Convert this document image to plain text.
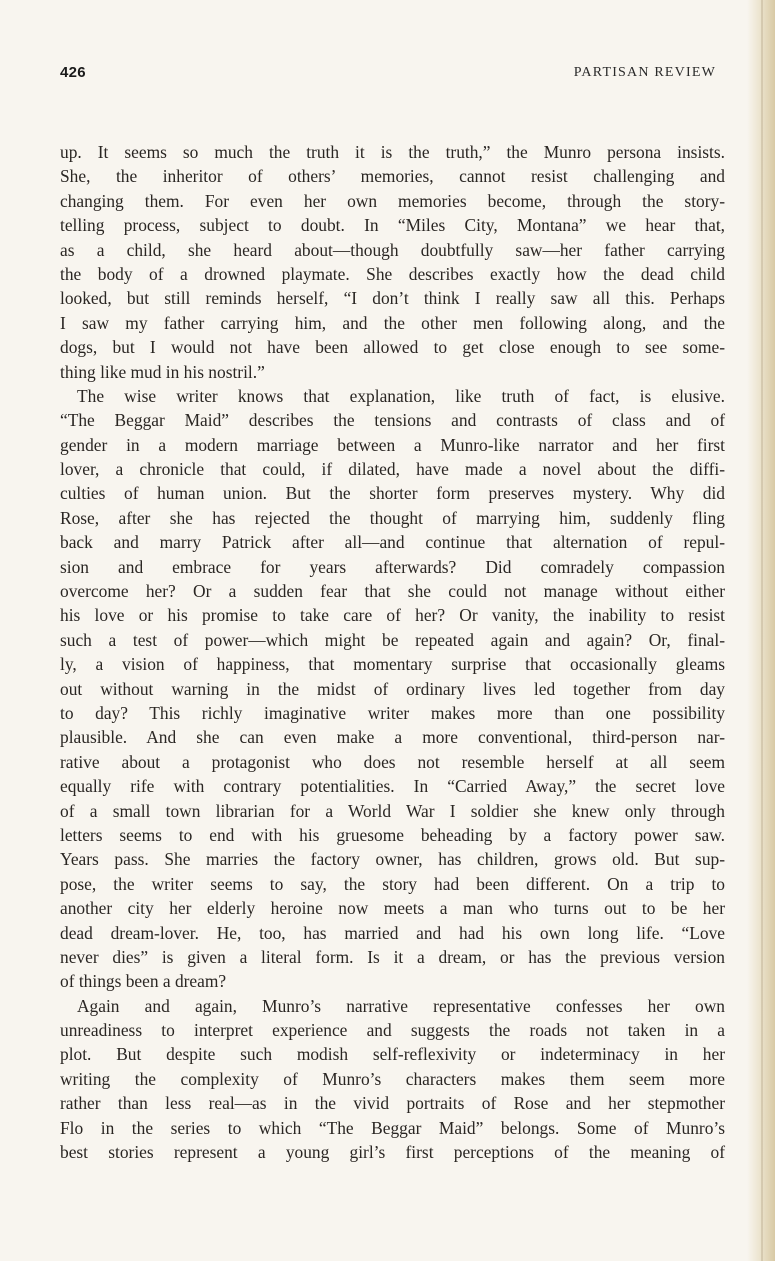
426	PARTISAN REVIEW
up. It seems so much the truth it is the truth,” the Munro persona insists.
She, the inheritor of others’ memories, cannot resist challenging and
changing them. For even her own memories become, through the story-
telling process, subject to doubt. In “Miles City, Montana” we hear that,
as a child, she heard about—though doubtfully saw—her father carrying
the body of a drowned playmate. She describes exactly how the dead child
looked, but still reminds herself, “I don’t think I really saw all this. Perhaps
I saw my father carrying him, and the other men following along, and the
dogs, but I would not have been allowed to get close enough to see some-
thing like mud in his nostril.”
The wise writer knows that explanation, like truth of fact, is elusive.
“The Beggar Maid” describes the tensions and contrasts of class and of
gender in a modern marriage between a Munro-like narrator and her first
lover, a chronicle that could, if dilated, have made a novel about the diffi-
culties of human union. But the shorter form preserves mystery. Why did
Rose, after she has rejected the thought of marrying him, suddenly fling
back and marry Patrick after all—and continue that alternation of repul-
sion and embrace for years afterwards? Did comradely compassion
overcome her? Or a sudden fear that she could not manage without either
his love or his promise to take care of her? Or vanity, the inability to resist
such a test of power—which might be repeated again and again? Or, final-
ly, a vision of happiness, that momentary surprise that occasionally gleams
out without warning in the midst of ordinary lives led together from day
to day? This richly imaginative writer makes more than one possibility
plausible. And she can even make a more conventional, third-person nar-
rative about a protagonist who does not resemble herself at all seem
equally rife with contrary potentialities. In “Carried Away,” the secret love
of a small town librarian for a World War I soldier she knew only through
letters seems to end with his gruesome beheading by a factory power saw.
Years pass. She marries the factory owner, has children, grows old. But sup-
pose, the writer seems to say, the story had been different. On a trip to
another city her elderly heroine now meets a man who turns out to be her
dead dream-lover. He, too, has married and had his own long life. “Love
never dies” is given a literal form. Is it a dream, or has the previous version
of things been a dream?
Again and again, Munro’s narrative representative confesses her own
unreadiness to interpret experience and suggests the roads not taken in a
plot. But despite such modish self-reflexivity or indeterminacy in her
writing the complexity of Munro’s characters makes them seem more
rather than less real—as in the vivid portraits of Rose and her stepmother
Flo in the series to which “The Beggar Maid” belongs. Some of Munro’s
best stories represent a young girl’s first perceptions of the meaning of
